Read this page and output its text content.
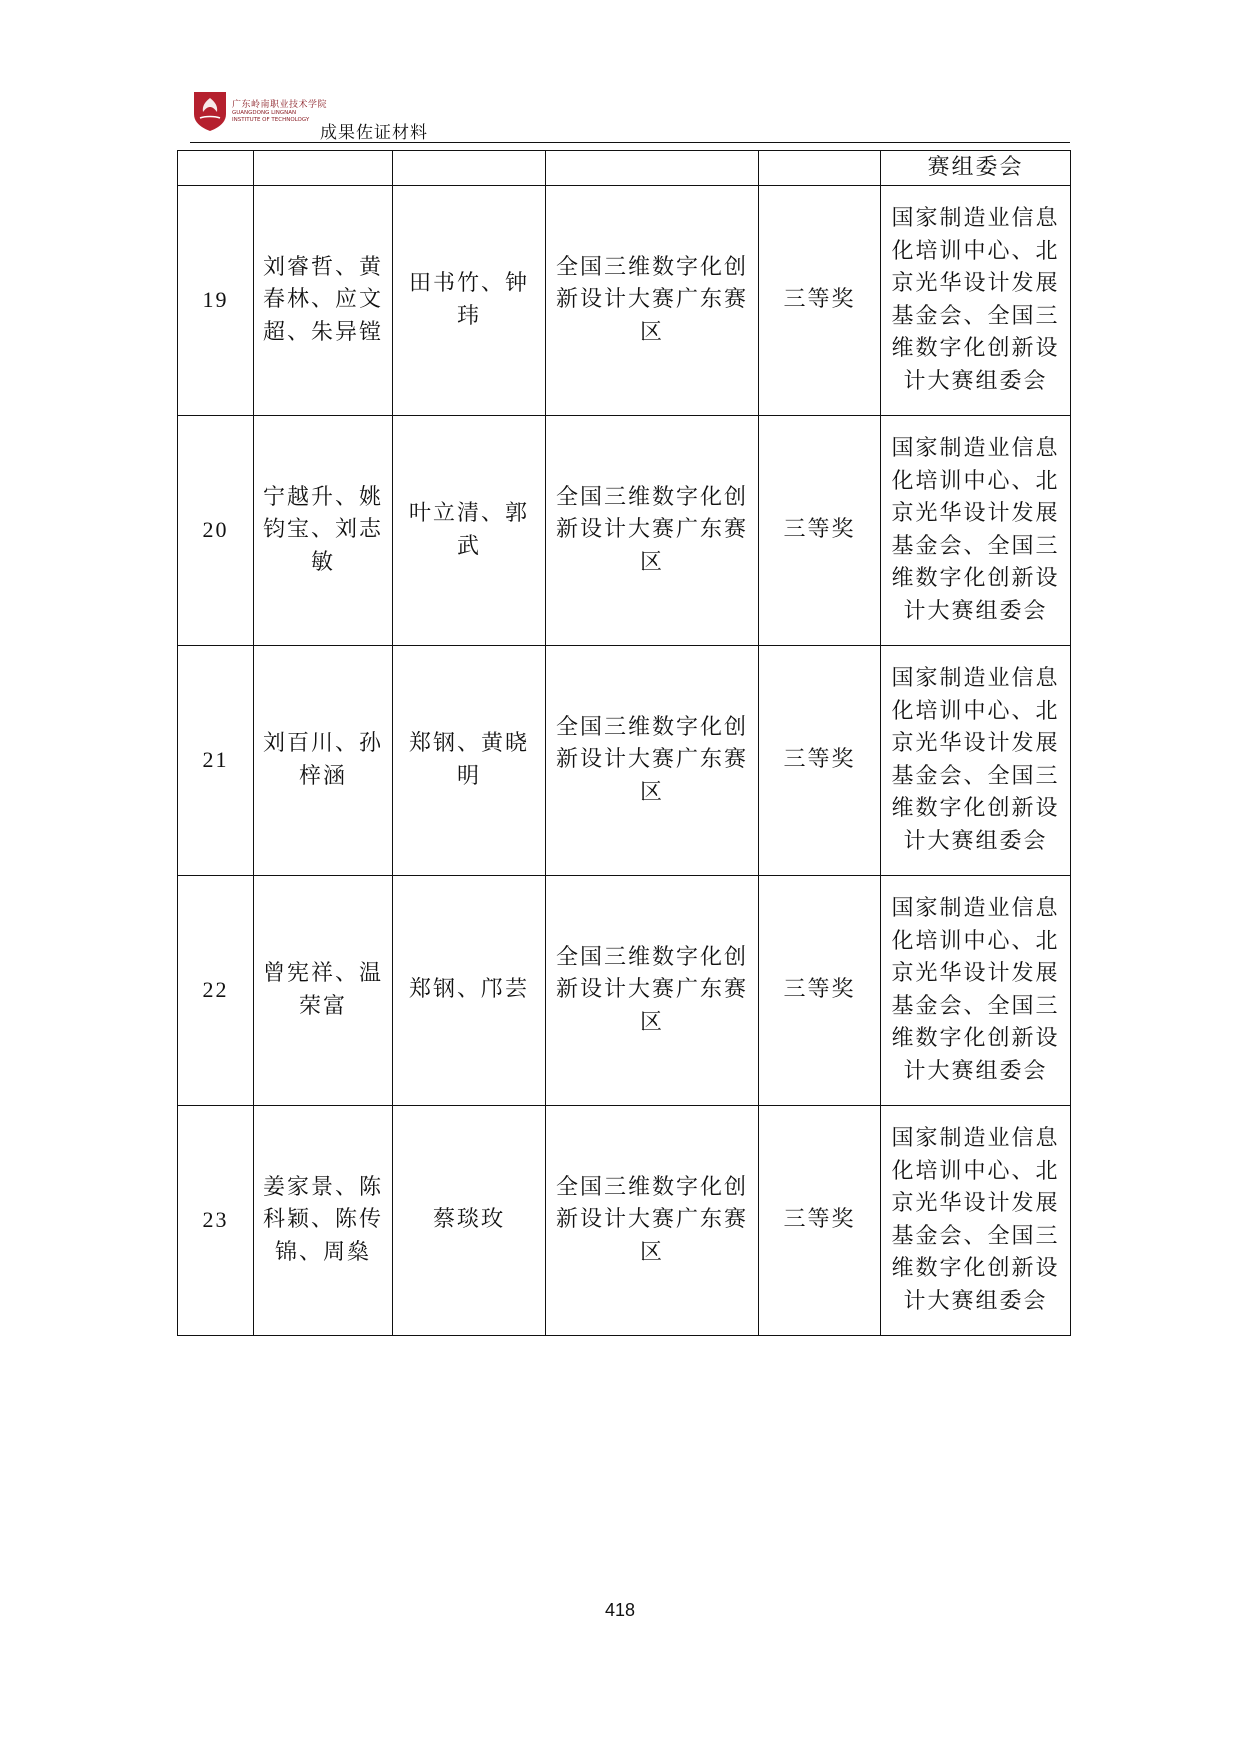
广东岭南职业技术学院
GUANGDONG LINGNAN
INSTITUTE OF TECHNOLOGY
成果佐证材料
					赛组委会
19	刘睿哲、黄春林、应文超、朱异镗	田书竹、钟玮	全国三维数字化创新设计大赛广东赛区	三等奖	国家制造业信息化培训中心、北京光华设计发展基金会、全国三维数字化创新设计大赛组委会
20	宁越升、姚钧宝、刘志敏	叶立清、郭武	全国三维数字化创新设计大赛广东赛区	三等奖	国家制造业信息化培训中心、北京光华设计发展基金会、全国三维数字化创新设计大赛组委会
21	刘百川、孙梓涵	郑钢、黄晓明	全国三维数字化创新设计大赛广东赛区	三等奖	国家制造业信息化培训中心、北京光华设计发展基金会、全国三维数字化创新设计大赛组委会
22	曾宪祥、温荣富	郑钢、邝芸	全国三维数字化创新设计大赛广东赛区	三等奖	国家制造业信息化培训中心、北京光华设计发展基金会、全国三维数字化创新设计大赛组委会
23	姜家景、陈科颖、陈传锦、周燊	蔡琰玫	全国三维数字化创新设计大赛广东赛区	三等奖	国家制造业信息化培训中心、北京光华设计发展基金会、全国三维数字化创新设计大赛组委会
418
